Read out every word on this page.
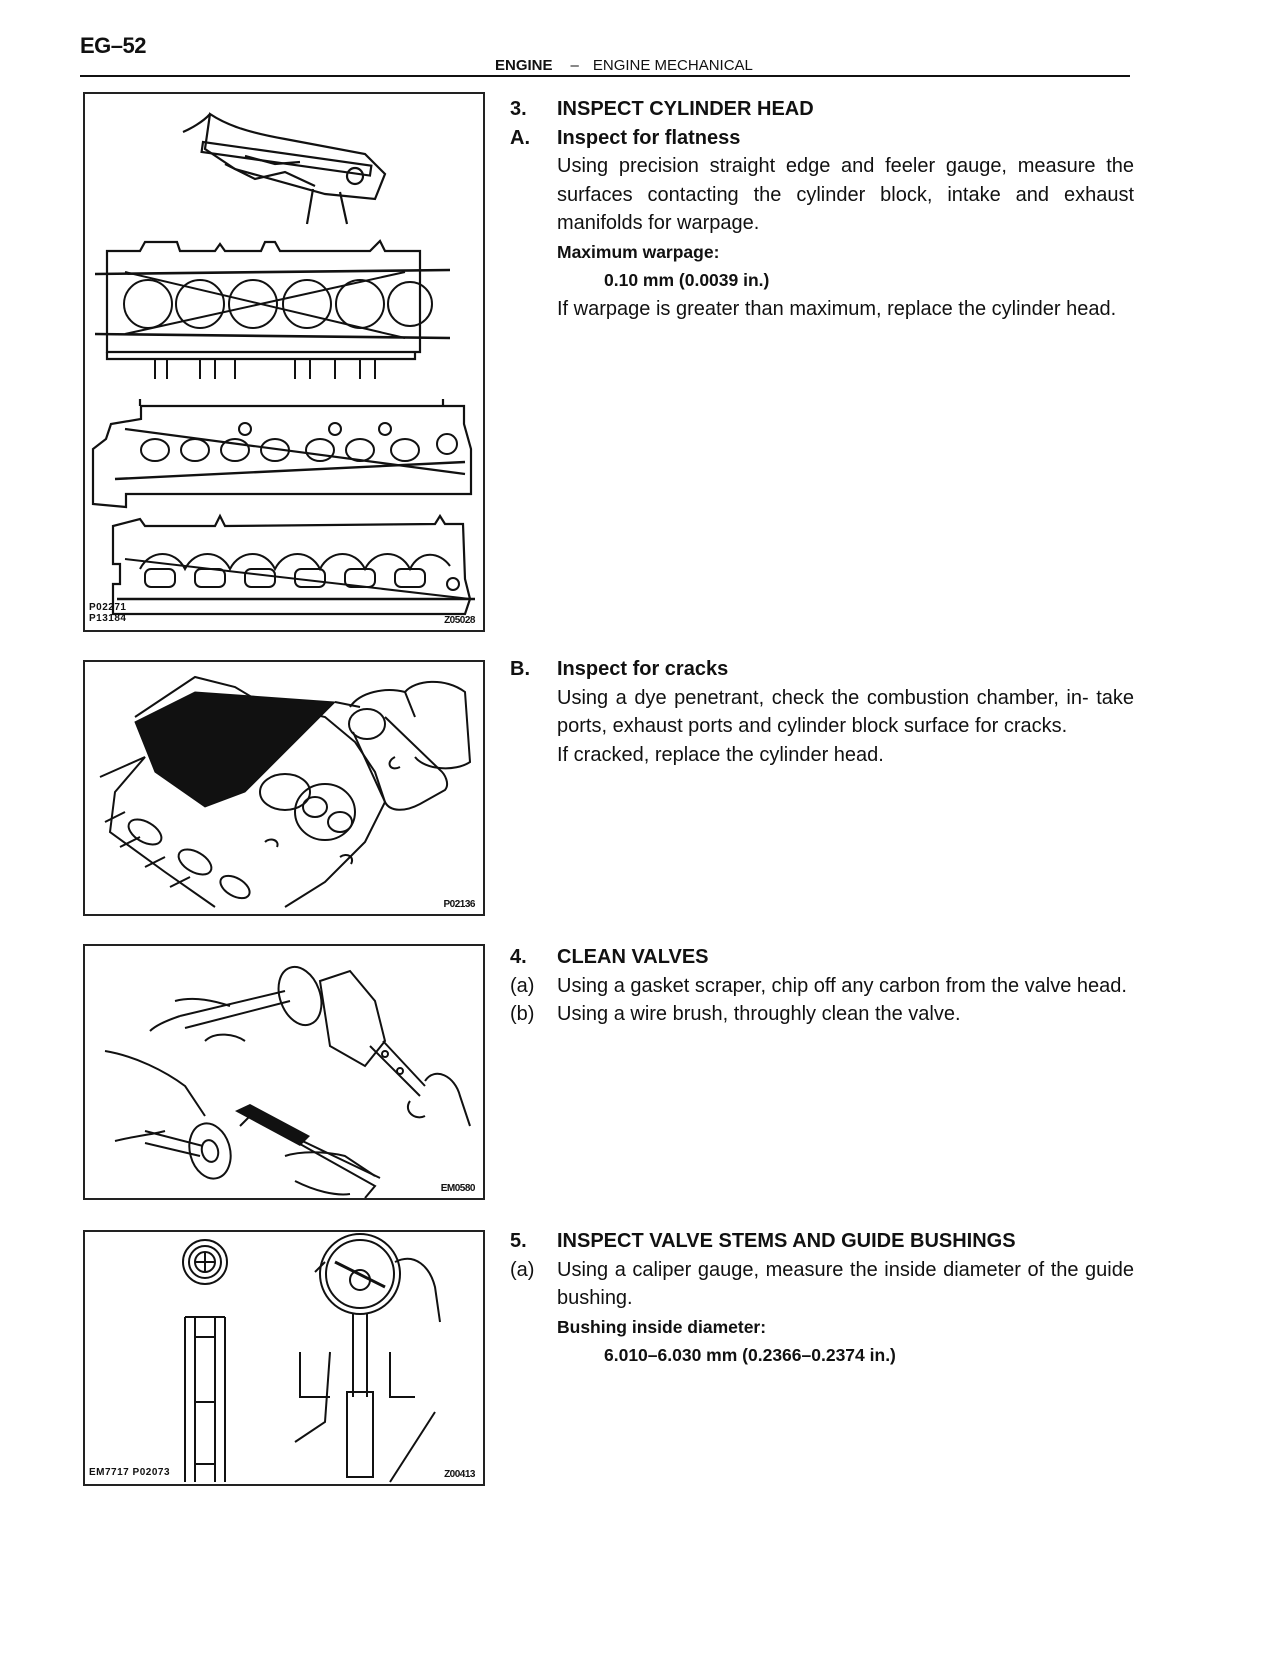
EG–52
ENGINE – ENGINE MECHANICAL
P02271
P13184	Z05028
P02136
EM0580
EM7717 P02073	Z00413
3. INSPECT CYLINDER HEAD
A. Inspect for flatness
Using precision straight edge and feeler gauge, measure the surfaces contacting the cylinder block, intake and exhaust manifolds for warpage.
Maximum warpage:
0.10 mm (0.0039 in.)
If warpage is greater than maximum, replace the cylinder head.
B. Inspect for cracks
Using a dye penetrant, check the combustion chamber, in- take ports, exhaust ports and cylinder block surface for cracks.
If cracked, replace the cylinder head.
4. CLEAN VALVES
(a) Using a gasket scraper, chip off any carbon from the valve head.
(b) Using a wire brush, throughly clean the valve.
5. INSPECT VALVE STEMS AND GUIDE BUSHINGS
(a) Using a caliper gauge, measure the inside diameter of the guide bushing.
Bushing inside diameter:
6.010–6.030 mm (0.2366–0.2374 in.)
